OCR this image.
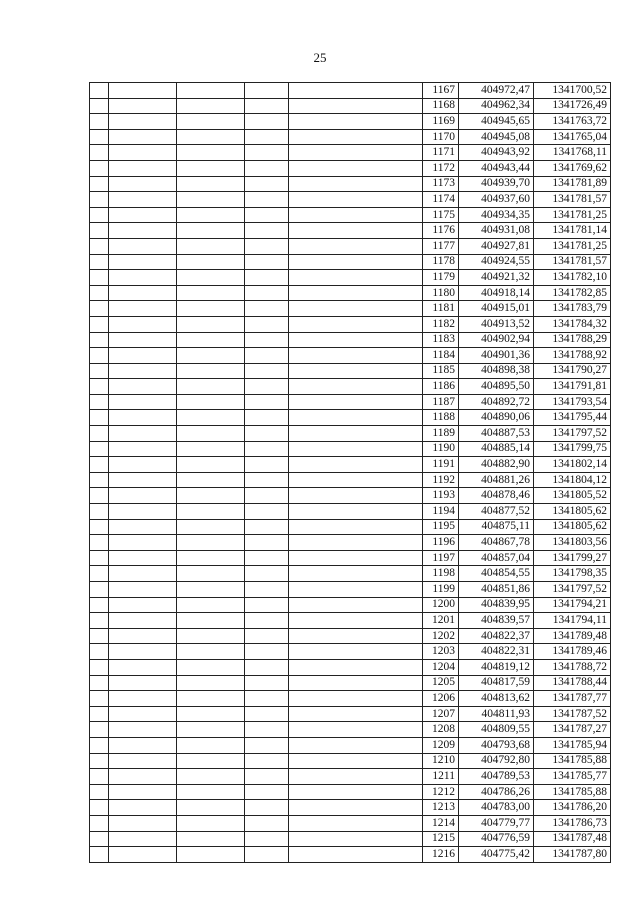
25
					1167	404972,47	1341700,52
					1168	404962,34	1341726,49
					1169	404945,65	1341763,72
					1170	404945,08	1341765,04
					1171	404943,92	1341768,11
					1172	404943,44	1341769,62
					1173	404939,70	1341781,89
					1174	404937,60	1341781,57
					1175	404934,35	1341781,25
					1176	404931,08	1341781,14
					1177	404927,81	1341781,25
					1178	404924,55	1341781,57
					1179	404921,32	1341782,10
					1180	404918,14	1341782,85
					1181	404915,01	1341783,79
					1182	404913,52	1341784,32
					1183	404902,94	1341788,29
					1184	404901,36	1341788,92
					1185	404898,38	1341790,27
					1186	404895,50	1341791,81
					1187	404892,72	1341793,54
					1188	404890,06	1341795,44
					1189	404887,53	1341797,52
					1190	404885,14	1341799,75
					1191	404882,90	1341802,14
					1192	404881,26	1341804,12
					1193	404878,46	1341805,52
					1194	404877,52	1341805,62
					1195	404875,11	1341805,62
					1196	404867,78	1341803,56
					1197	404857,04	1341799,27
					1198	404854,55	1341798,35
					1199	404851,86	1341797,52
					1200	404839,95	1341794,21
					1201	404839,57	1341794,11
					1202	404822,37	1341789,48
					1203	404822,31	1341789,46
					1204	404819,12	1341788,72
					1205	404817,59	1341788,44
					1206	404813,62	1341787,77
					1207	404811,93	1341787,52
					1208	404809,55	1341787,27
					1209	404793,68	1341785,94
					1210	404792,80	1341785,88
					1211	404789,53	1341785,77
					1212	404786,26	1341785,88
					1213	404783,00	1341786,20
					1214	404779,77	1341786,73
					1215	404776,59	1341787,48
					1216	404775,42	1341787,80
